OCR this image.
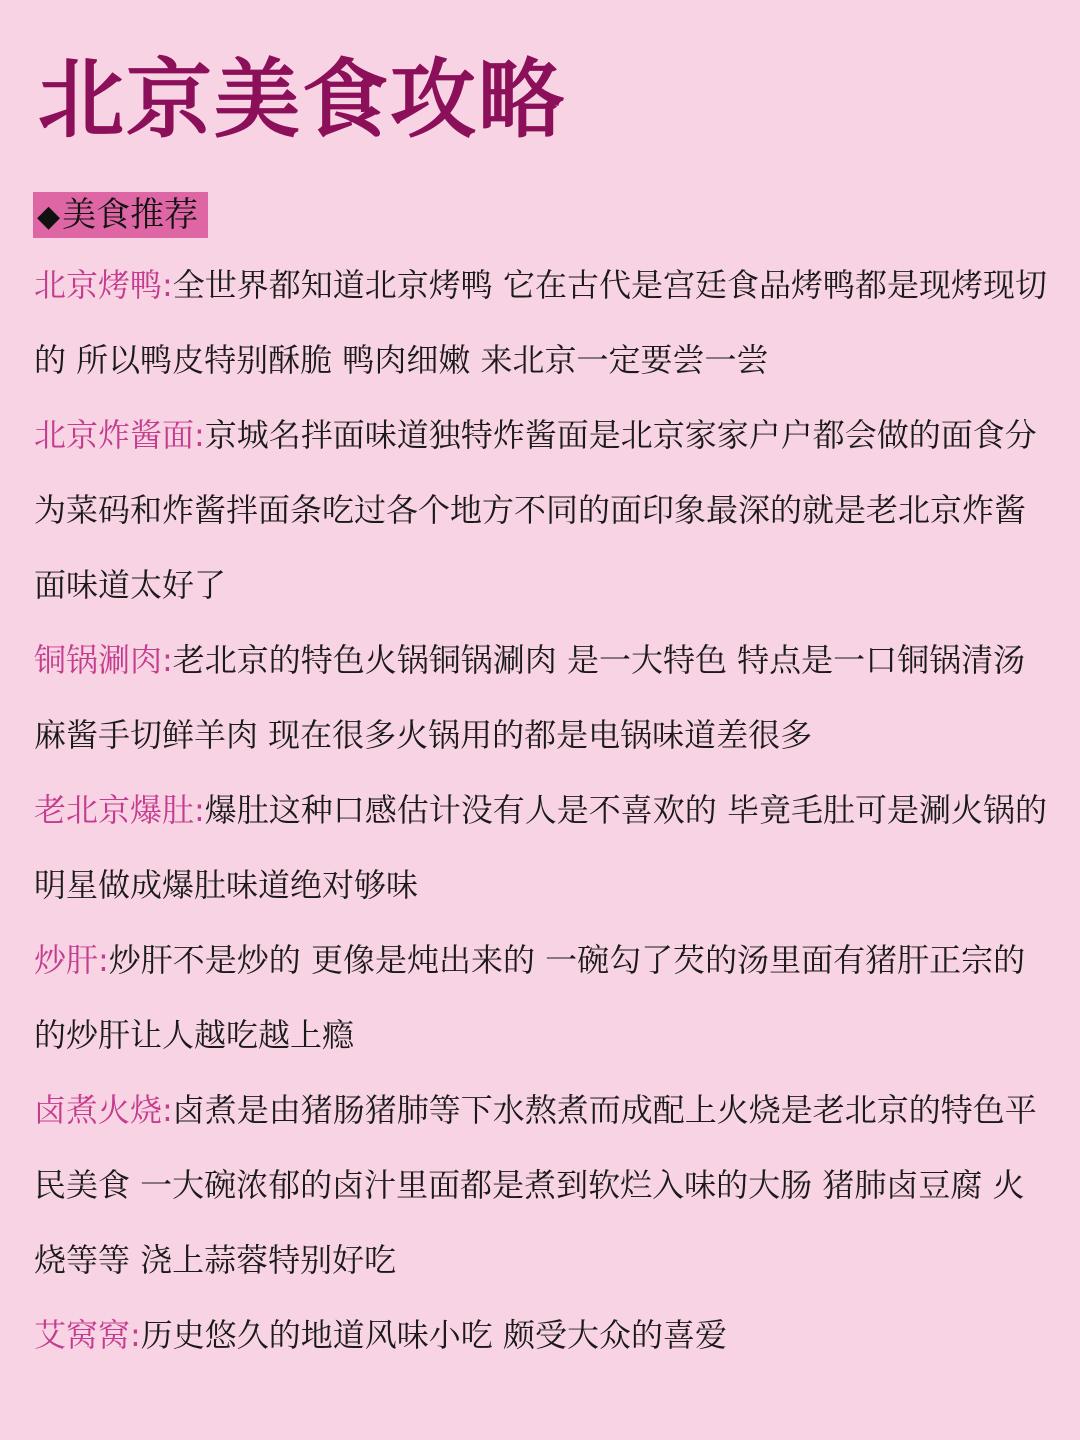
北京美食攻略
◆美食推荐
北京烤鸭:全世界都知道北京烤鸭 它在古代是宫廷食品烤鸭都是现烤现切的 所以鸭皮特别酥脆 鸭肉细嫩 来北京一定要尝一尝
北京炸酱面:京城名拌面味道独特炸酱面是北京家家户户都会做的面食分为菜码和炸酱拌面条吃过各个地方不同的面印象最深的就是老北京炸酱面味道太好了
铜锅涮肉:老北京的特色火锅铜锅涮肉 是一大特色 特点是一口铜锅清汤麻酱手切鲜羊肉 现在很多火锅用的都是电锅味道差很多
老北京爆肚:爆肚这种口感估计没有人是不喜欢的 毕竟毛肚可是涮火锅的明星做成爆肚味道绝对够味
炒肝:炒肝不是炒的 更像是炖出来的 一碗勾了芡的汤里面有猪肝正宗的的炒肝让人越吃越上瘾
卤煮火烧:卤煮是由猪肠猪肺等下水熬煮而成配上火烧是老北京的特色平民美食 一大碗浓郁的卤汁里面都是煮到软烂入味的大肠 猪肺卤豆腐 火烧等等 浇上蒜蓉特别好吃
艾窝窝:历史悠久的地道风味小吃 颇受大众的喜爱
